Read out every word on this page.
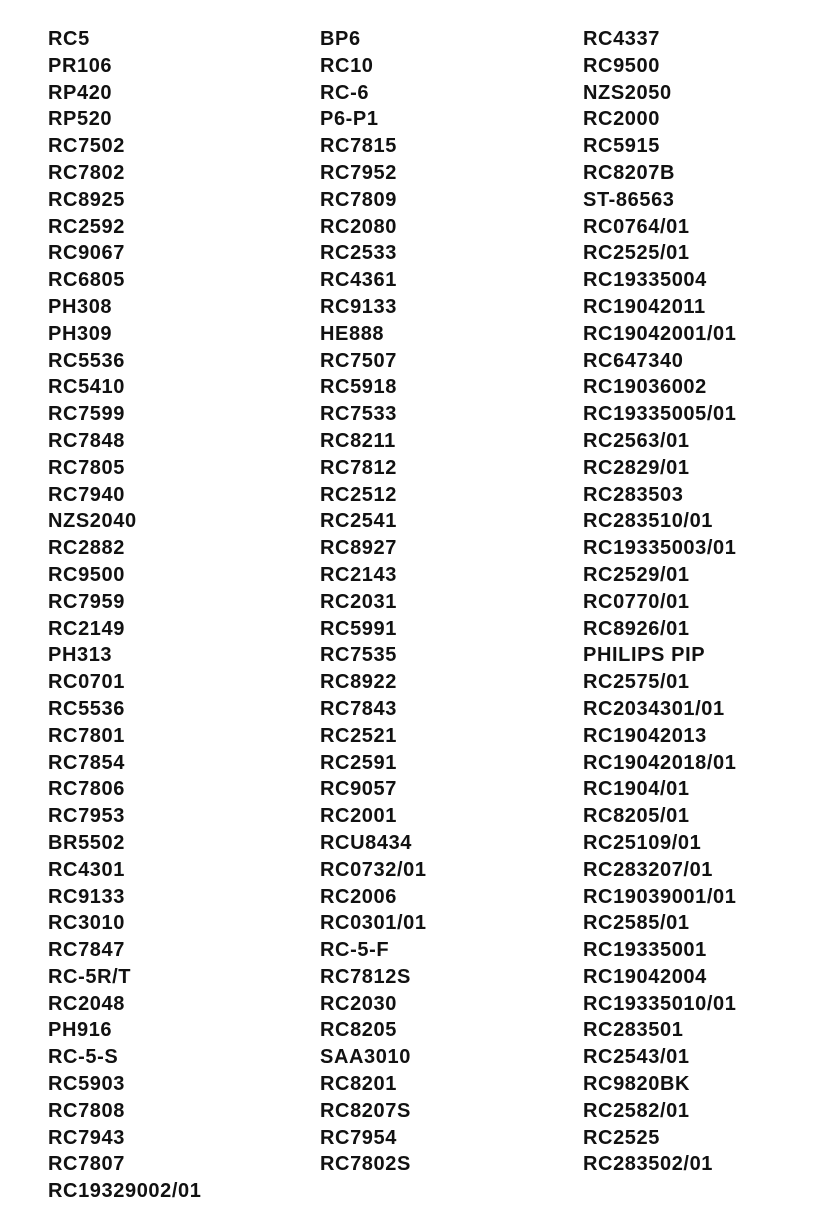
RC5
PR106
RP420
RP520
RC7502
RC7802
RC8925
RC2592
RC9067
RC6805
PH308
PH309
RC5536
RC5410
RC7599
RC7848
RC7805
RC7940
NZS2040
RC2882
RC9500
RC7959
RC2149
PH313
RC0701
RC5536
RC7801
RC7854
RC7806
RC7953
BR5502
RC4301
RC9133
RC3010
RC7847
RC-5R/T
RC2048
PH916
RC-5-S
RC5903
RC7808
RC7943
RC7807
RC19329002/01
BP6
RC10
RC-6
P6-P1
RC7815
RC7952
RC7809
RC2080
RC2533
RC4361
RC9133
HE888
RC7507
RC5918
RC7533
RC8211
RC7812
RC2512
RC2541
RC8927
RC2143
RC2031
RC5991
RC7535
RC8922
RC7843
RC2521
RC2591
RC9057
RC2001
RCU8434
RC0732/01
RC2006
RC0301/01
RC-5-F
RC7812S
RC2030
RC8205
SAA3010
RC8201
RC8207S
RC7954
RC7802S
RC4337
RC9500
NZS2050
RC2000
RC5915
RC8207B
ST-86563
RC0764/01
RC2525/01
RC19335004
RC19042011
RC19042001/01
RC647340
RC19036002
RC19335005/01
RC2563/01
RC2829/01
RC283503
RC283510/01
RC19335003/01
RC2529/01
RC0770/01
RC8926/01
PHILIPS PIP
RC2575/01
RC2034301/01
RC19042013
RC19042018/01
RC1904/01
RC8205/01
RC25109/01
RC283207/01
RC19039001/01
RC2585/01
RC19335001
RC19042004
RC19335010/01
RC283501
RC2543/01
RC9820BK
RC2582/01
RC2525
RC283502/01
